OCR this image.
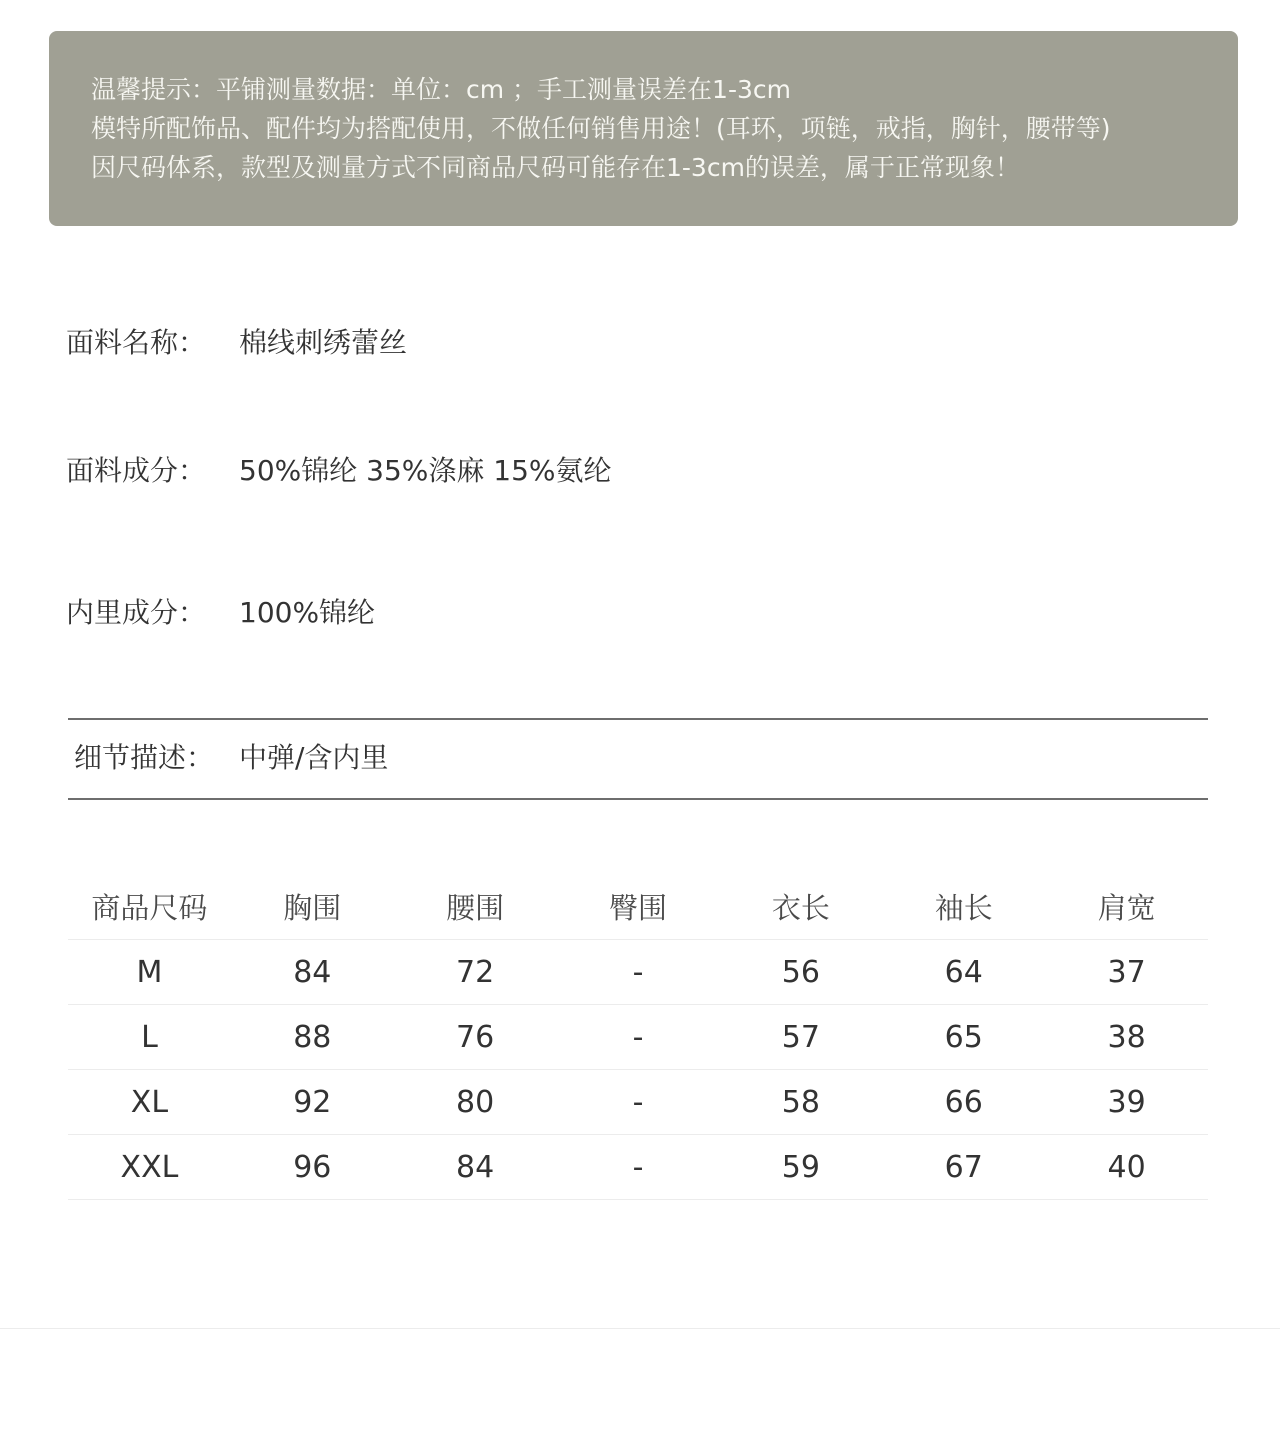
温馨提示：平铺测量数据：单位：cm ；手工测量误差在1-3cm
模特所配饰品、配件均为搭配使用，不做任何销售用途！(耳环，项链，戒指，胸针，腰带等)
因尺码体系，款型及测量方式不同商品尺码可能存在1-3cm的误差，属于正常现象！
面料名称： 棉线刺绣蕾丝
面料成分： 50%锦纶 35%涤麻 15%氨纶
内里成分： 100%锦纶
细节描述： 中弹/含内里
商品尺码	胸围	腰围	臀围	衣长	袖长	肩宽
M	84	72	-	56	64	37
L	88	76	-	57	65	38
XL	92	80	-	58	66	39
XXL	96	84	-	59	67	40
